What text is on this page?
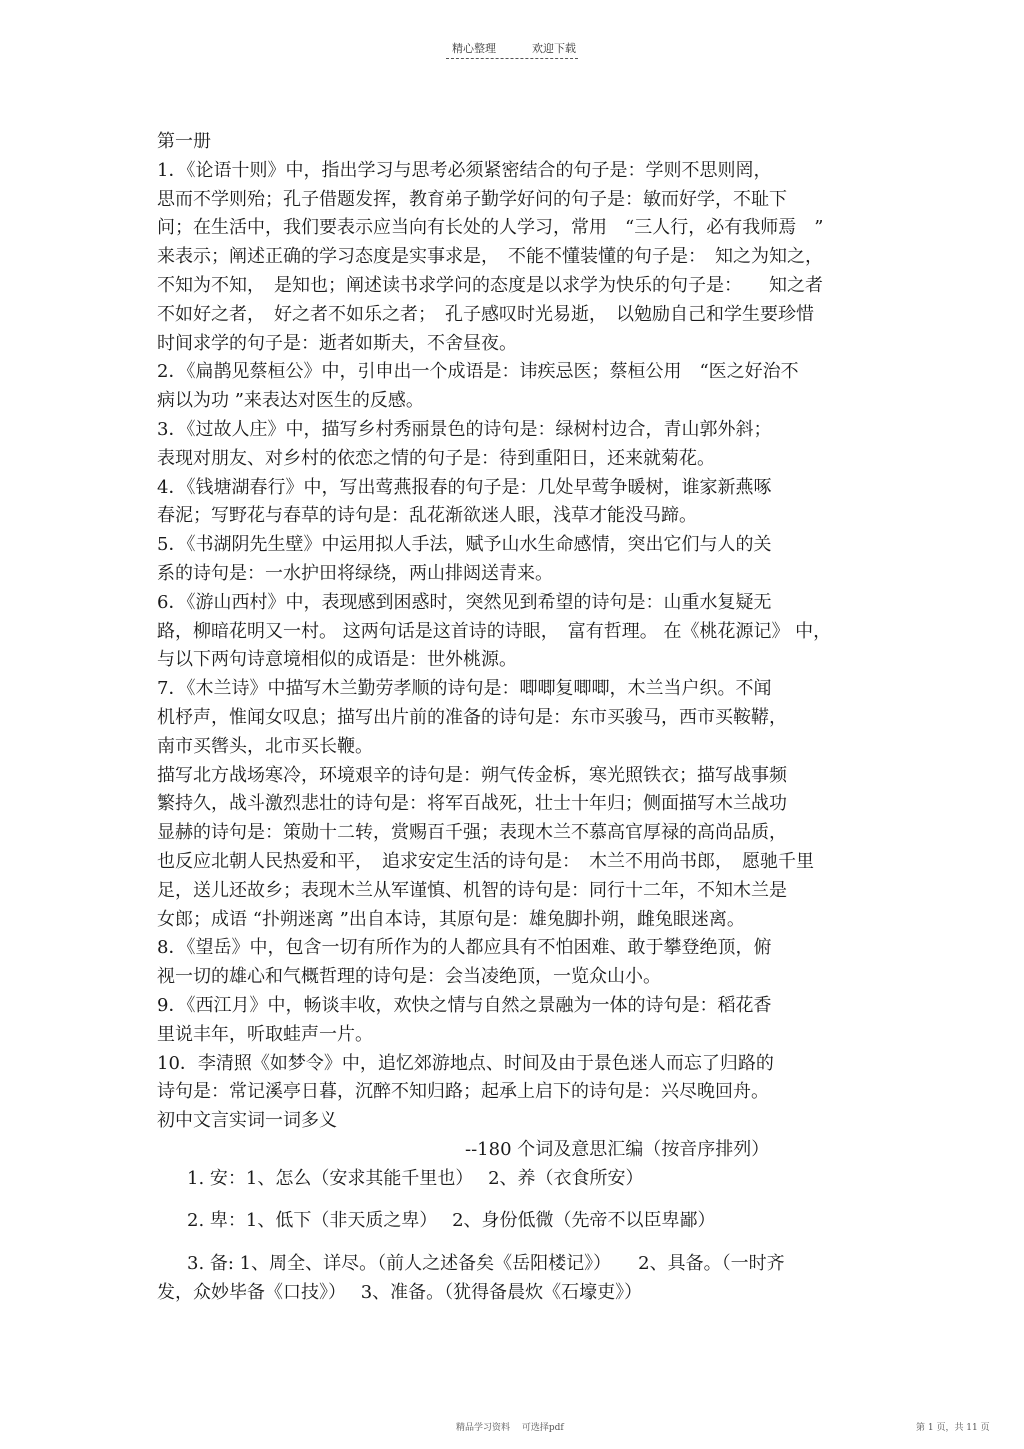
精心整理	欢迎下载
第一册
1．《论语十则》中，指出学习与思考必须紧密结合的句子是：学则不思则罔，
思而不学则殆；孔子借题发挥，教育弟子勤学好问的句子是：敏而好学，不耻下
问；在生活中，我们要表示应当向有长处的人学习，常用　“三人行，必有我师焉　”
来表示；阐述正确的学习态度是实事求是，　不能不懂装懂的句子是：　知之为知之，
不知为不知，　是知也；阐述读书求学问的态度是以求学为快乐的句子是：　　知之者
不如好之者，　好之者不如乐之者；　孔子感叹时光易逝，　以勉励自己和学生要珍惜
时间求学的句子是：逝者如斯夫，不舍昼夜。
2．《扁鹊见蔡桓公》中，引申出一个成语是：讳疾忌医；蔡桓公用　“医之好治不
病以为功 ”来表达对医生的反感。
3．《过故人庄》中，描写乡村秀丽景色的诗句是：绿树村边合，青山郭外斜；
表现对朋友、对乡村的依恋之情的句子是：待到重阳日，还来就菊花。
4．《钱塘湖春行》中，写出莺燕报春的句子是：几处早莺争暖树，谁家新燕啄
春泥；写野花与春草的诗句是：乱花渐欲迷人眼，浅草才能没马蹄。
5．《书湖阴先生壁》中运用拟人手法，赋予山水生命感情，突出它们与人的关
系的诗句是：一水护田将绿绕，两山排闼送青来。
6．《游山西村》中，表现感到困惑时，突然见到希望的诗句是：山重水复疑无
路，柳暗花明又一村。 这两句话是这首诗的诗眼，　富有哲理。 在《桃花源记》 中，
与以下两句诗意境相似的成语是：世外桃源。
7．《木兰诗》中描写木兰勤劳孝顺的诗句是：唧唧复唧唧，木兰当户织。不闻
机杼声，惟闻女叹息；描写出片前的准备的诗句是：东市买骏马，西市买鞍鞯，
南市买辔头，北市买长鞭。
描写北方战场寒冷，环境艰辛的诗句是：朔气传金柝，寒光照铁衣；描写战事频
繁持久，战斗激烈悲壮的诗句是：将军百战死，壮士十年归；侧面描写木兰战功
显赫的诗句是：策勋十二转，赏赐百千强；表现木兰不慕高官厚禄的高尚品质，
也反应北朝人民热爱和平，　追求安定生活的诗句是：　木兰不用尚书郎，　愿驰千里
足，送儿还故乡；表现木兰从军谨慎、机智的诗句是：同行十二年，不知木兰是
女郎；成语 “扑朔迷离 ”出自本诗，其原句是：雄兔脚扑朔，雌兔眼迷离。
8．《望岳》中，包含一切有所作为的人都应具有不怕困难、敢于攀登绝顶，俯
视一切的雄心和气概哲理的诗句是：会当凌绝顶，一览众山小。
9．《西江月》中，畅谈丰收，欢快之情与自然之景融为一体的诗句是：稻花香
里说丰年，听取蛙声一片。
10．李清照《如梦令》中，追忆郊游地点、时间及由于景色迷人而忘了归路的
诗句是：常记溪亭日暮，沉醉不知归路；起承上启下的诗句是：兴尽晚回舟。
初中文言实词一词多义
--180 个词及意思汇编（按音序排列）
1. 安：1、怎么（安求其能千里也）　 2、养（衣食所安）
2. 卑：1、低下（非天质之卑）　 2、身份低微（先帝不以臣卑鄙）
3. 备: 1、周全、详尽。（前人之述备矣《岳阳楼记》）　　2、具备。（一时齐
发，众妙毕备《口技》）　 3、准备。（犹得备晨炊《石壕吏》）
精品学习资料　 可选择pdf	第 1 页，共 11 页
